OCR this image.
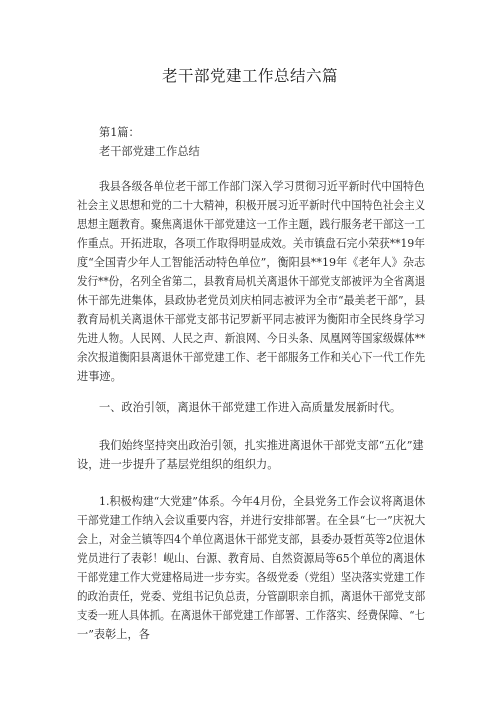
老干部党建工作总结六篇
第1篇：
老干部党建工作总结
我县各级各单位老干部工作部门深入学习贯彻习近平新时代中国特色
社会主义思想和党的二十大精神，积极开展习近平新时代中国特色社会主义
思想主题教育。聚焦离退休干部党建这一工作主题，践行服务老干部这一工
作重点。开拓进取，各项工作取得明显成效。关市镇盘石完小荣获**19年
度“全国青少年人工智能活动特色单位”，衡阳县**19年《老年人》杂志
发行**份，名列全省第二，县教育局机关离退休干部党支部被评为全省离退
休干部先进集体，县政协老党员刘庆柏同志被评为全市“最美老干部”，县
教育局机关离退休干部党支部书记罗新平同志被评为衡阳市全民终身学习
先进人物。人民网、人民之声、新浪网、今日头条、凤凰网等国家级媒体**
余次报道衡阳县离退休干部党建工作、老干部服务工作和关心下一代工作先
进事迹。
一、政治引领，离退休干部党建工作进入高质量发展新时代。
我们始终坚持突出政治引领，扎实推进离退休干部党支部“五化”建
设，进一步提升了基层党组织的组织力。
1.积极构建“大党建”体系。今年4月份，全县党务工作会议将离退休
干部党建工作纳入会议重要内容，并进行安排部署。在全县“七一”庆祝大
会上，对金兰镇等四4个单位离退休干部党支部，县委办聂哲英等2位退休
党员进行了表彰！岘山、台源、教育局、自然资源局等65个单位的离退休
干部党建工作大党建格局进一步夯实。各级党委（党组）坚决落实党建工作
的政治责任，党委、党组书记负总责，分管副职亲自抓，离退休干部党支部
支委一班人具体抓。在离退休干部党建工作部署、工作落实、经费保障、“七
一”表彰上，各
